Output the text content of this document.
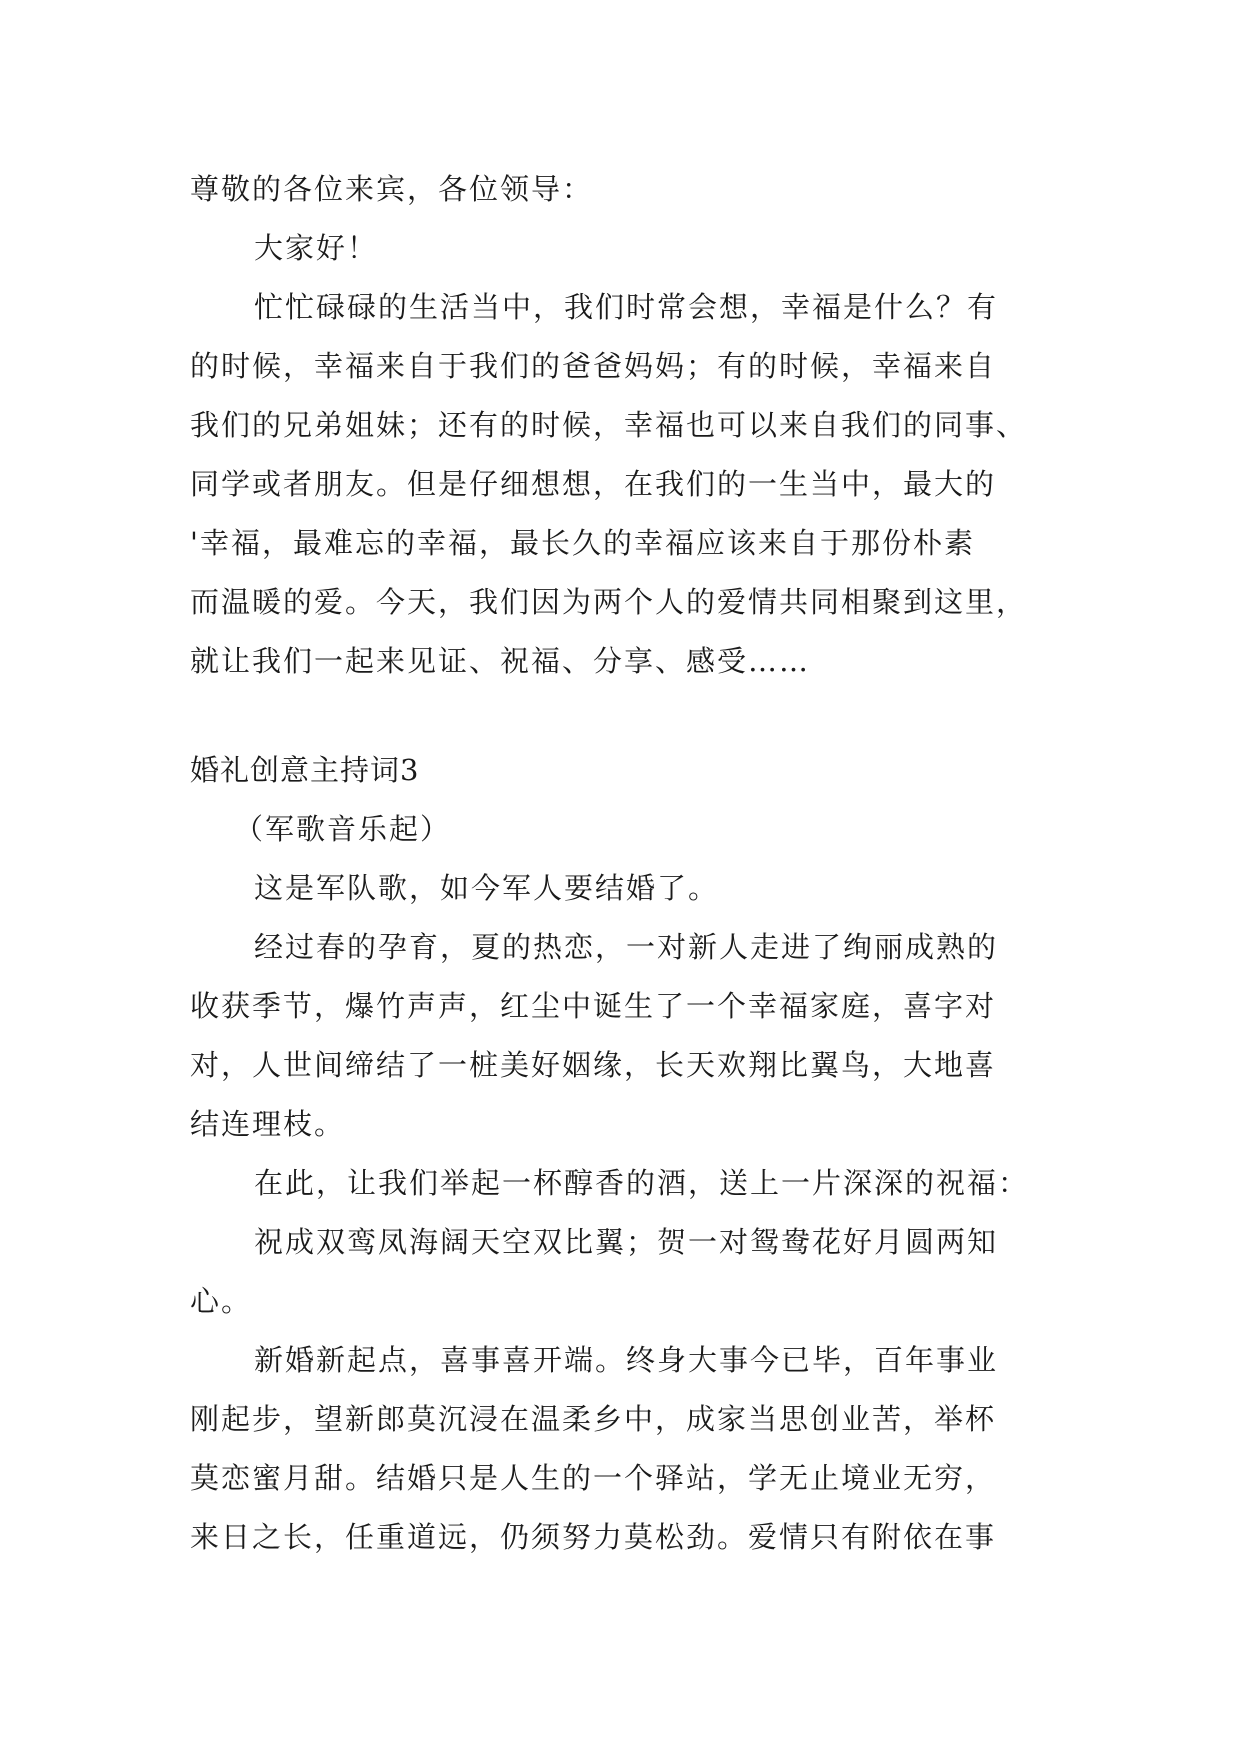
尊敬的各位来宾，各位领导：
大家好！
忙忙碌碌的生活当中，我们时常会想，幸福是什么？有
的时候，幸福来自于我们的爸爸妈妈；有的时候，幸福来自
我们的兄弟姐妹；还有的时候，幸福也可以来自我们的同事、
同学或者朋友。但是仔细想想，在我们的一生当中，最大的
'幸福，最难忘的幸福，最长久的幸福应该来自于那份朴素
而温暖的爱。今天，我们因为两个人的爱情共同相聚到这里，
就让我们一起来见证、祝福、分享、感受……
婚礼创意主持词3
（军歌音乐起）
这是军队歌，如今军人要结婚了。
经过春的孕育，夏的热恋，一对新人走进了绚丽成熟的
收获季节，爆竹声声，红尘中诞生了一个幸福家庭，喜字对
对，人世间缔结了一桩美好姻缘，长天欢翔比翼鸟，大地喜
结连理枝。
在此，让我们举起一杯醇香的酒，送上一片深深的祝福：
祝成双鸾凤海阔天空双比翼；贺一对鸳鸯花好月圆两知
心。
新婚新起点，喜事喜开端。终身大事今已毕，百年事业
刚起步，望新郎莫沉浸在温柔乡中，成家当思创业苦，举杯
莫恋蜜月甜。结婚只是人生的一个驿站，学无止境业无穷，
来日之长，任重道远，仍须努力莫松劲。爱情只有附依在事
